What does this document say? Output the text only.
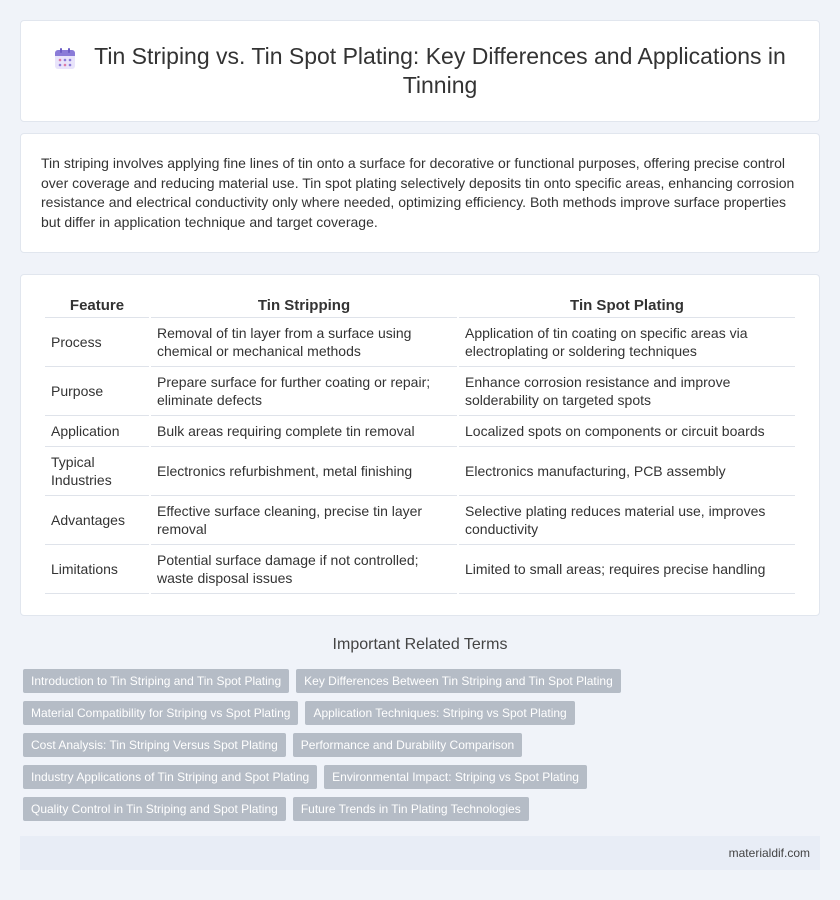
Tin Striping vs. Tin Spot Plating: Key Differences and Applications in Tinning

Tin striping involves applying fine lines of tin onto a surface for decorative or functional purposes, offering precise control over coverage and reducing material use. Tin spot plating selectively deposits tin onto specific areas, enhancing corrosion resistance and electrical conductivity only where needed, optimizing efficiency. Both methods improve surface properties but differ in application technique and target coverage.

Feature	Tin Stripping	Tin Spot Plating
Process	Removal of tin layer from a surface using chemical or mechanical methods	Application of tin coating on specific areas via electroplating or soldering techniques
Purpose	Prepare surface for further coating or repair; eliminate defects	Enhance corrosion resistance and improve solderability on targeted spots
Application	Bulk areas requiring complete tin removal	Localized spots on components or circuit boards
Typical Industries	Electronics refurbishment, metal finishing	Electronics manufacturing, PCB assembly
Advantages	Effective surface cleaning, precise tin layer removal	Selective plating reduces material use, improves conductivity
Limitations	Potential surface damage if not controlled; waste disposal issues	Limited to small areas; requires precise handling
Important Related Terms
Introduction to Tin Striping and Tin Spot Plating	Key Differences Between Tin Striping and Tin Spot Plating
Material Compatibility for Striping vs Spot Plating	Application Techniques: Striping vs Spot Plating
Cost Analysis: Tin Striping Versus Spot Plating	Performance and Durability Comparison
Industry Applications of Tin Striping and Spot Plating	Environmental Impact: Striping vs Spot Plating
Quality Control in Tin Striping and Spot Plating	Future Trends in Tin Plating Technologies
materialdif.com
